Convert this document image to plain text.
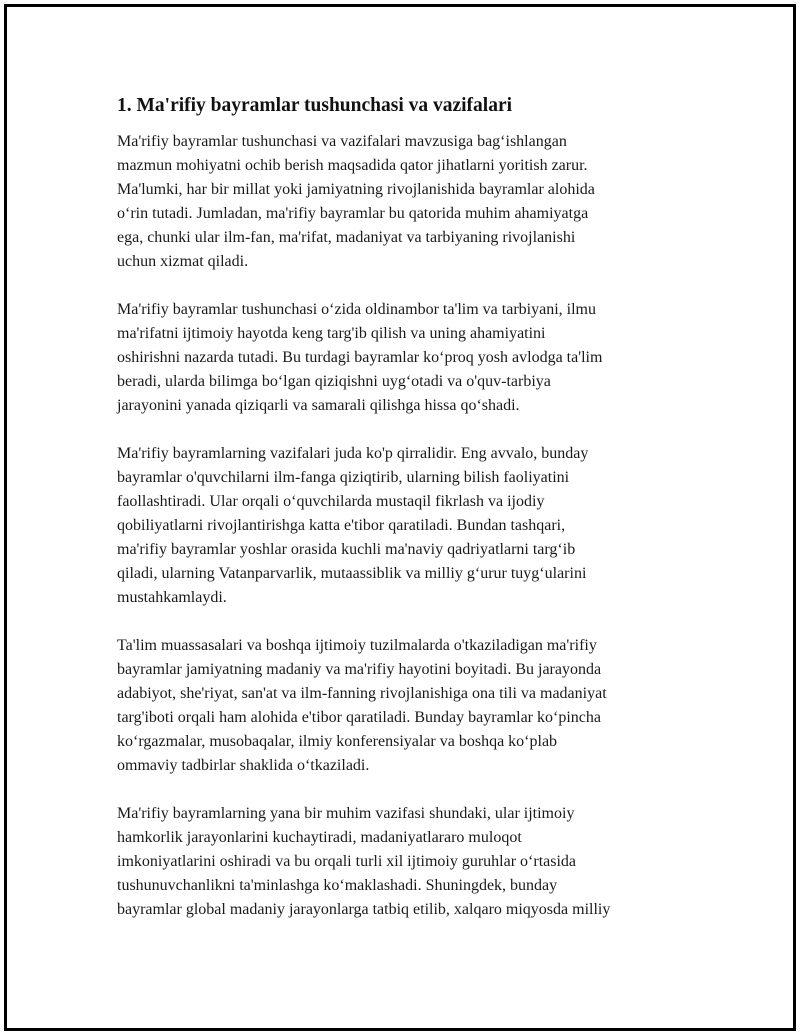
1. Ma'rifiy bayramlar tushunchasi va vazifalari

Ma'rifiy bayramlar tushunchasi va vazifalari mavzusiga bag‘ishlangan
mazmun mohiyatni ochib berish maqsadida qator jihatlarni yoritish zarur.
Ma'lumki, har bir millat yoki jamiyatning rivojlanishida bayramlar alohida
o‘rin tutadi. Jumladan, ma'rifiy bayramlar bu qatorida muhim ahamiyatga
ega, chunki ular ilm-fan, ma'rifat, madaniyat va tarbiyaning rivojlanishi
uchun xizmat qiladi.

Ma'rifiy bayramlar tushunchasi o‘zida oldinambor ta'lim va tarbiyani, ilmu
ma'rifatni ijtimoiy hayotda keng targ'ib qilish va uning ahamiyatini
oshirishni nazarda tutadi. Bu turdagi bayramlar ko‘proq yosh avlodga ta'lim
beradi, ularda bilimga bo‘lgan qiziqishni uyg‘otadi va o'quv-tarbiya
jarayonini yanada qiziqarli va samarali qilishga hissa qo‘shadi.

Ma'rifiy bayramlarning vazifalari juda ko'p qirralidir. Eng avvalo, bunday
bayramlar o'quvchilarni ilm-fanga qiziqtirib, ularning bilish faoliyatini
faollashtiradi. Ular orqali o‘quvchilarda mustaqil fikrlash va ijodiy
qobiliyatlarni rivojlantirishga katta e'tibor qaratiladi. Bundan tashqari,
ma'rifiy bayramlar yoshlar orasida kuchli ma'naviy qadriyatlarni targ‘ib
qiladi, ularning Vatanparvarlik, mutaassiblik va milliy g‘urur tuyg‘ularini
mustahkamlaydi.

Ta'lim muassasalari va boshqa ijtimoiy tuzilmalarda o'tkaziladigan ma'rifiy
bayramlar jamiyatning madaniy va ma'rifiy hayotini boyitadi. Bu jarayonda
adabiyot, she'riyat, san'at va ilm-fanning rivojlanishiga ona tili va madaniyat
targ'iboti orqali ham alohida e'tibor qaratiladi. Bunday bayramlar ko‘pincha
ko‘rgazmalar, musobaqalar, ilmiy konferensiyalar va boshqa ko‘plab
ommaviy tadbirlar shaklida o‘tkaziladi.

Ma'rifiy bayramlarning yana bir muhim vazifasi shundaki, ular ijtimoiy
hamkorlik jarayonlarini kuchaytiradi, madaniyatlararo muloqot
imkoniyatlarini oshiradi va bu orqali turli xil ijtimoiy guruhlar o‘rtasida
tushunuvchanlikni ta'minlashga ko‘maklashadi. Shuningdek, bunday
bayramlar global madaniy jarayonlarga tatbiq etilib, xalqaro miqyosda milliy
